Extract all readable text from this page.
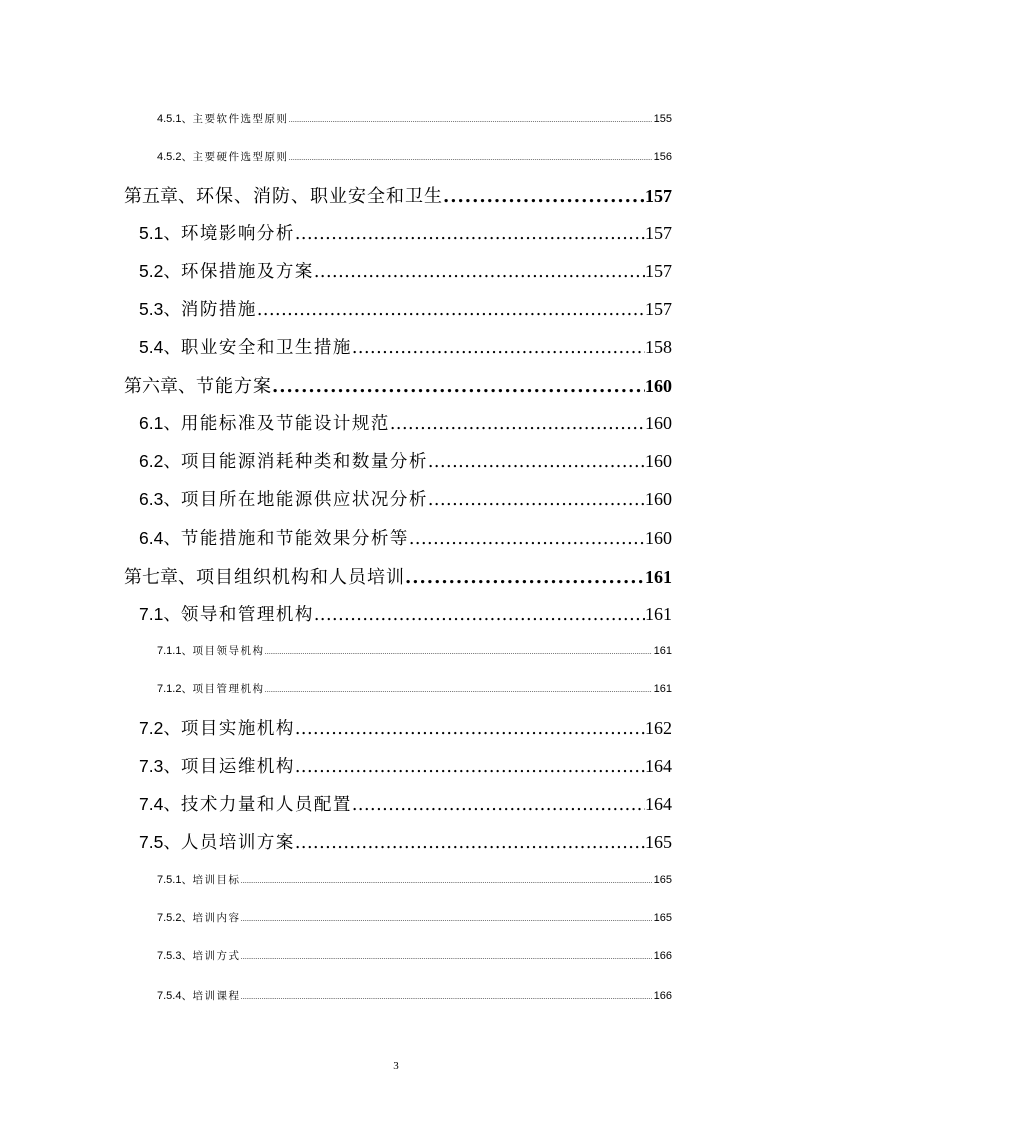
4.5.1、 主要软件选型原则 .....	155
4.5.2、 主要硬件选型原则 .....	156
第五章、 环保、消防、职业安全和卫生 .....	157
5.1、 环境影响分析 .....	157
5.2、 环保措施及方案 .....	157
5.3、 消防措施 .....	157
5.4、 职业安全和卫生措施 .....	158
第六章、 节能方案 .....	160
6.1、 用能标准及节能设计规范 .....	160
6.2、 项目能源消耗种类和数量分析 .....	160
6.3、 项目所在地能源供应状况分析 .....	160
6.4、 节能措施和节能效果分析等 .....	160
第七章、 项目组织机构和人员培训 .....	161
7.1、 领导和管理机构 .....	161
7.1.1、 项目领导机构 .....	161
7.1.2、 项目管理机构 .....	161
7.2、 项目实施机构 .....	162
7.3、 项目运维机构 .....	164
7.4、 技术力量和人员配置 .....	164
7.5、 人员培训方案 .....	165
7.5.1、 培训目标 .....	165
7.5.2、 培训内容 .....	165
7.5.3、 培训方式 .....	166
7.5.4、 培训课程 .....	166
3
